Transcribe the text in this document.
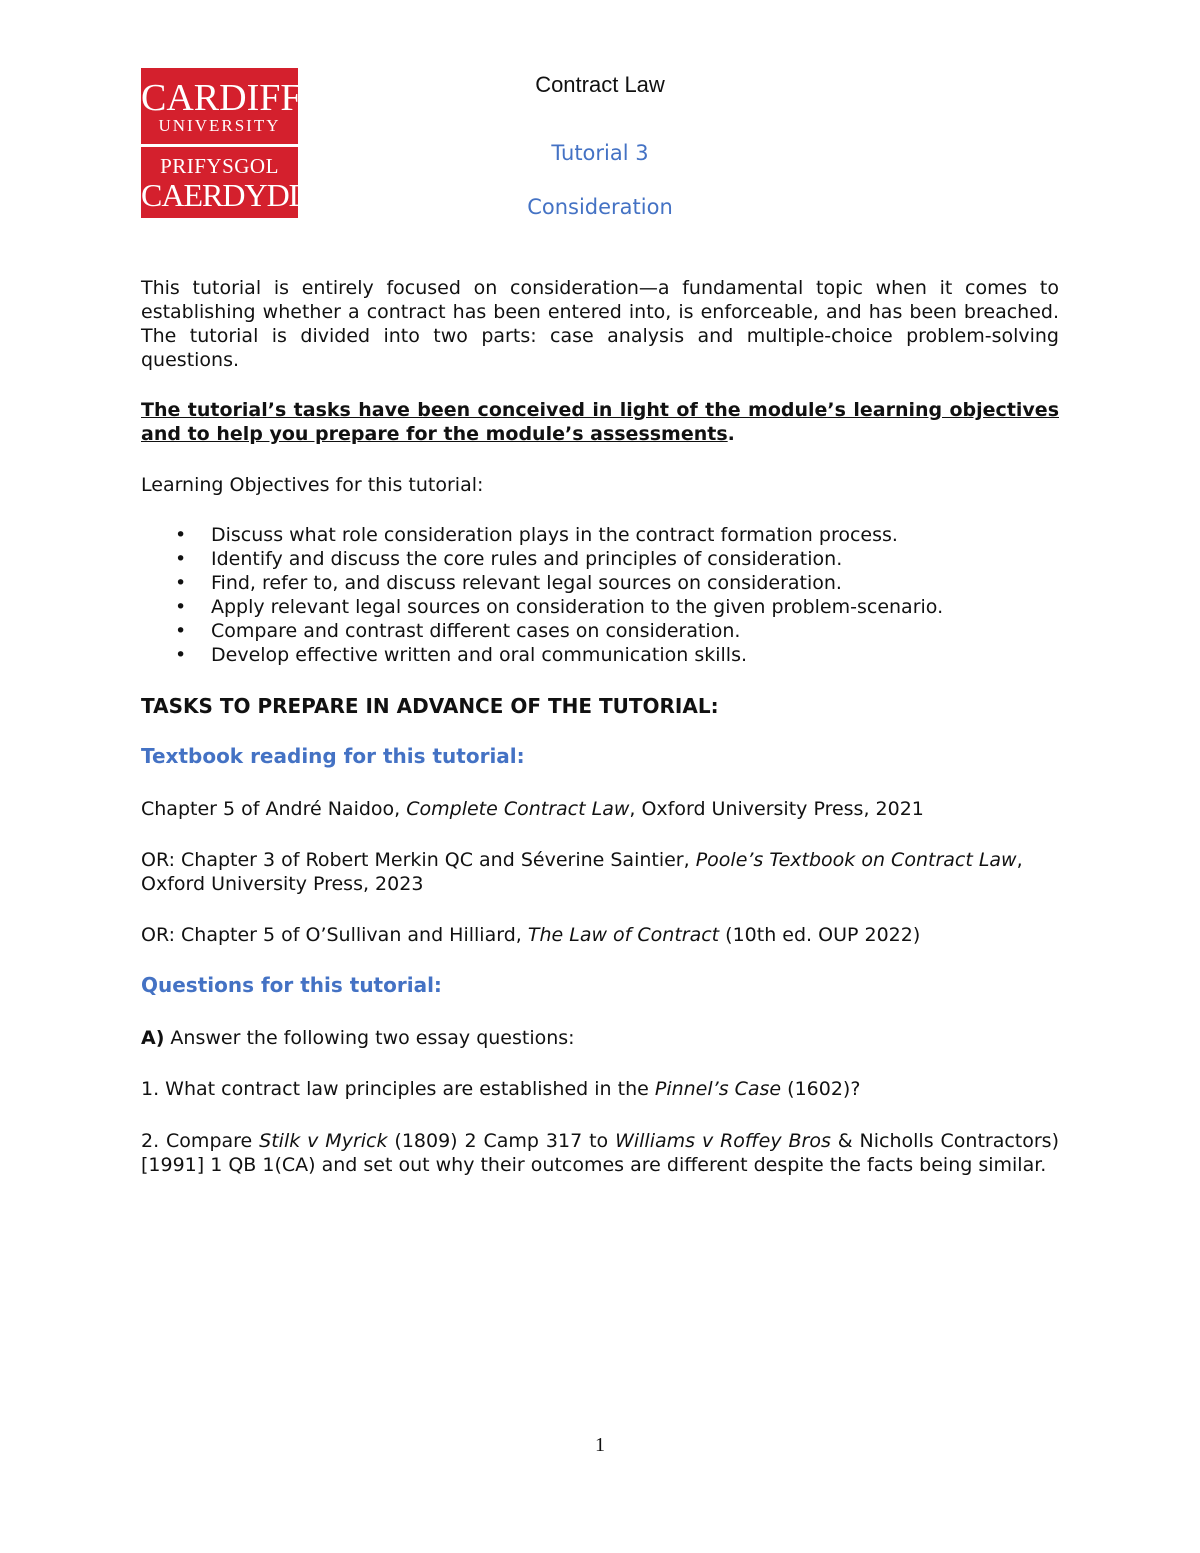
CARDIFF
UNIVERSITY
PRIFYSGOL
CAERDYDD
Contract Law
Tutorial 3
Consideration
This tutorial is entirely focused on consideration—a fundamental topic when it comes to establishing whether a contract has been entered into, is enforceable, and has been breached. The tutorial is divided into two parts: case analysis and multiple-choice problem-solving questions.
The tutorial’s tasks have been conceived in light of the module’s learning objectives and to help you prepare for the module’s assessments.
Learning Objectives for this tutorial:
• Discuss what role consideration plays in the contract formation process.
• Identify and discuss the core rules and principles of consideration.
• Find, refer to, and discuss relevant legal sources on consideration.
• Apply relevant legal sources on consideration to the given problem-scenario.
• Compare and contrast different cases on consideration.
• Develop effective written and oral communication skills.
TASKS TO PREPARE IN ADVANCE OF THE TUTORIAL:
Textbook reading for this tutorial:
Chapter 5 of André Naidoo, Complete Contract Law, Oxford University Press, 2021
OR: Chapter 3 of Robert Merkin QC and Séverine Saintier, Poole’s Textbook on Contract Law, Oxford University Press, 2023
OR: Chapter 5 of O’Sullivan and Hilliard, The Law of Contract (10th ed. OUP 2022)
Questions for this tutorial:
A) Answer the following two essay questions:
1. What contract law principles are established in the Pinnel’s Case (1602)?
2. Compare Stilk v Myrick (1809) 2 Camp 317 to Williams v Roffey Bros & Nicholls Contractors) [1991] 1 QB 1(CA) and set out why their outcomes are different despite the facts being similar.
1
